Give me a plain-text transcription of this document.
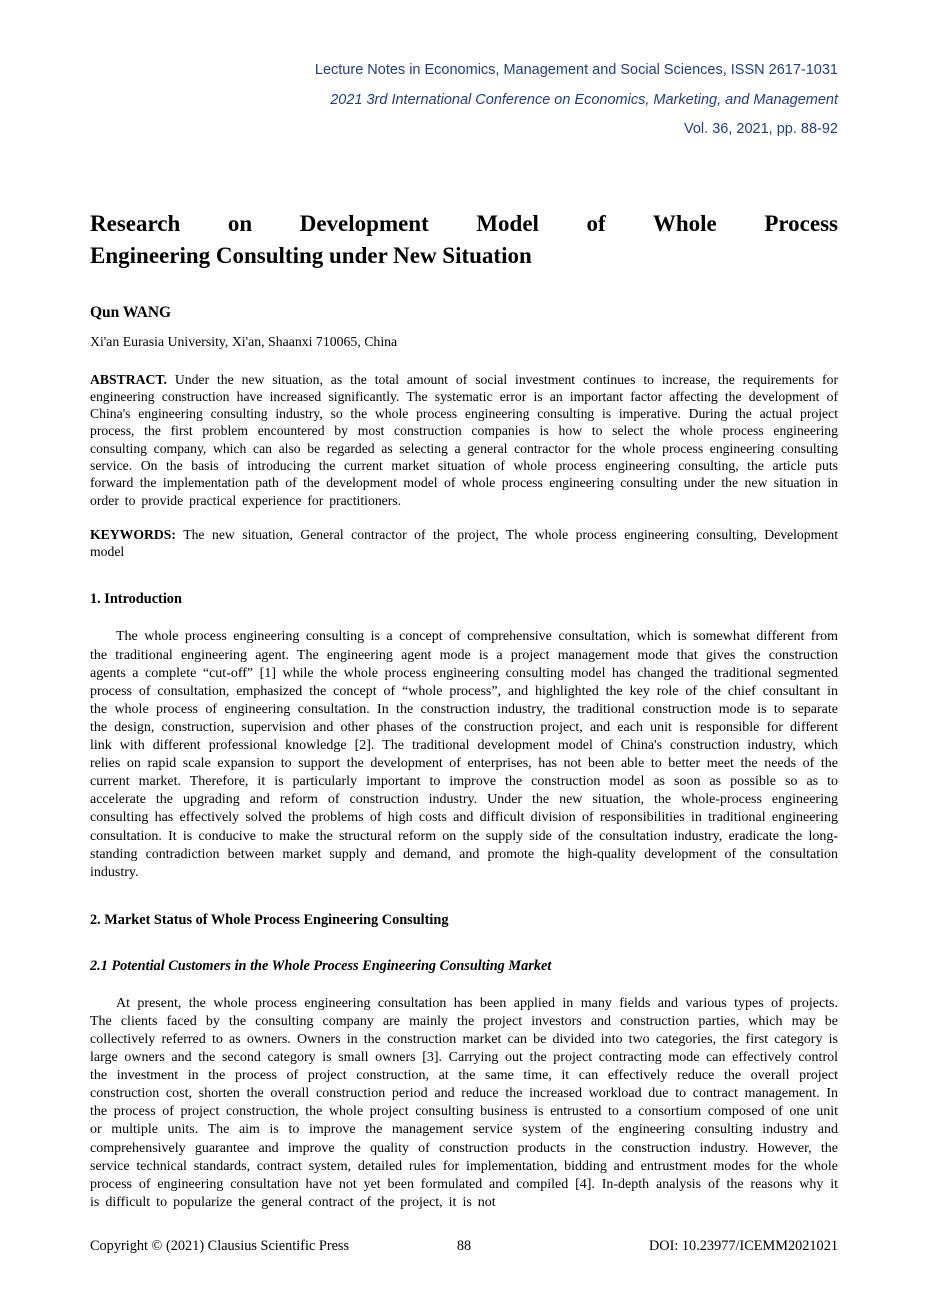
Lecture Notes in Economics, Management and Social Sciences, ISSN 2617-1031
2021 3rd International Conference on Economics, Marketing, and Management
Vol. 36, 2021, pp. 88-92
Research on Development Model of Whole Process
Engineering Consulting under New Situation
Qun WANG
Xi'an Eurasia University, Xi'an, Shaanxi 710065, China

ABSTRACT. Under the new situation, as the total amount of social investment continues to increase, the requirements for engineering construction have increased significantly. The systematic error is an important factor affecting the development of China's engineering consulting industry, so the whole process engineering consulting is imperative. During the actual project process, the first problem encountered by most construction companies is how to select the whole process engineering consulting company, which can also be regarded as selecting a general contractor for the whole process engineering consulting service. On the basis of introducing the current market situation of whole process engineering consulting, the article puts forward the implementation path of the development model of whole process engineering consulting under the new situation in order to provide practical experience for practitioners.

KEYWORDS: The new situation, General contractor of the project, The whole process engineering consulting, Development model

1. Introduction

The whole process engineering consulting is a concept of comprehensive consultation, which is somewhat different from the traditional engineering agent. The engineering agent mode is a project management mode that gives the construction agents a complete “cut-off” [1] while the whole process engineering consulting model has changed the traditional segmented process of consultation, emphasized the concept of “whole process”, and highlighted the key role of the chief consultant in the whole process of engineering consultation. In the construction industry, the traditional construction mode is to separate the design, construction, supervision and other phases of the construction project, and each unit is responsible for different link with different professional knowledge [2]. The traditional development model of China's construction industry, which relies on rapid scale expansion to support the development of enterprises, has not been able to better meet the needs of the current market. Therefore, it is particularly important to improve the construction model as soon as possible so as to accelerate the upgrading and reform of construction industry. Under the new situation, the whole-process engineering consulting has effectively solved the problems of high costs and difficult division of responsibilities in traditional engineering consultation. It is conducive to make the structural reform on the supply side of the consultation industry, eradicate the long-standing contradiction between market supply and demand, and promote the high-quality development of the consultation industry.

2. Market Status of Whole Process Engineering Consulting
2.1 Potential Customers in the Whole Process Engineering Consulting Market

At present, the whole process engineering consultation has been applied in many fields and various types of projects. The clients faced by the consulting company are mainly the project investors and construction parties, which may be collectively referred to as owners. Owners in the construction market can be divided into two categories, the first category is large owners and the second category is small owners [3]. Carrying out the project contracting mode can effectively control the investment in the process of project construction, at the same time, it can effectively reduce the overall project construction cost, shorten the overall construction period and reduce the increased workload due to contract management. In the process of project construction, the whole project consulting business is entrusted to a consortium composed of one unit or multiple units. The aim is to improve the management service system of the engineering consulting industry and comprehensively guarantee and improve the quality of construction products in the construction industry. However, the service technical standards, contract system, detailed rules for implementation, bidding and entrustment modes for the whole process of engineering consultation have not yet been formulated and compiled [4]. In-depth analysis of the reasons why it is difficult to popularize the general contract of the project, it is not

Copyright © (2021) Clausius Scientific Press	88	DOI: 10.23977/ICEMM2021021
